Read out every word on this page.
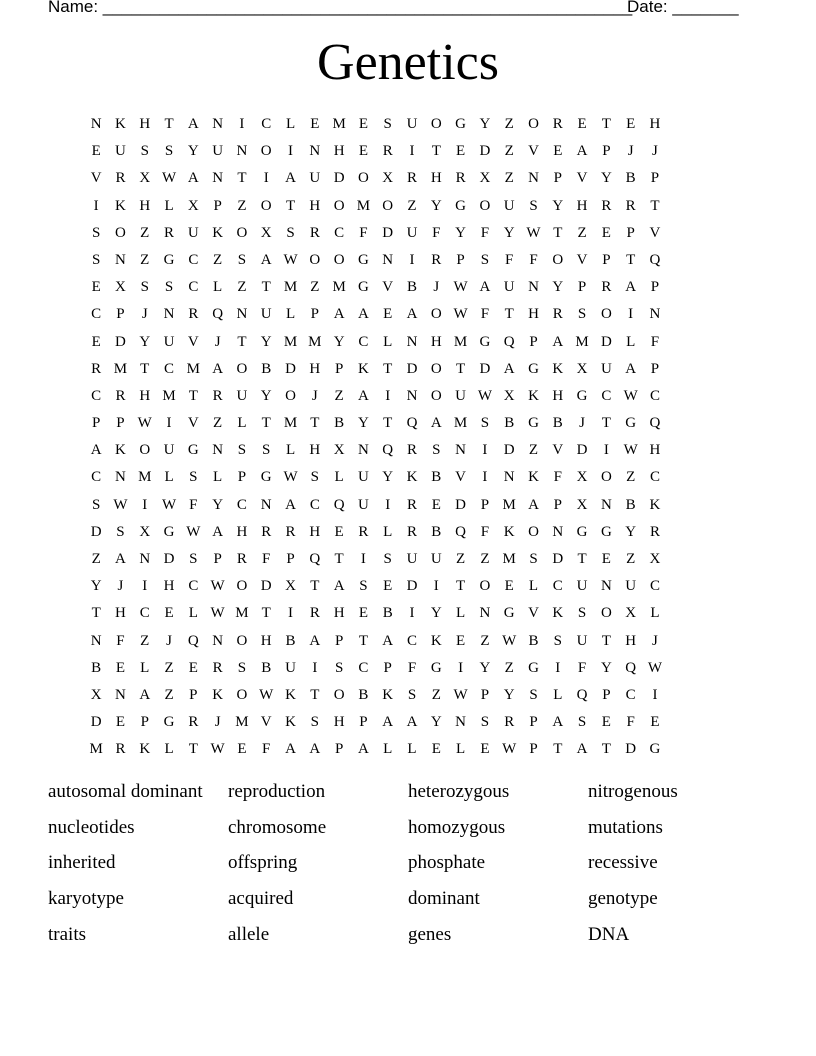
Name: ________________________________________________________
Date: _______
Genetics
N K H T A N	I	C L	E M E	S U O G Y Z O R E	T	E H
E U S	S Y U N O	I	N H E R	I	T	E D Z V E A P	J	J
V R X W A N T	I	A U D O X R H R X Z N P V Y B	P
I	K H L X P	Z O T H O M O Z Y G O U S Y H R R T
S O Z R U K O X S	R C	F D U F Y F Y W T	Z	E	P V
S N Z G C Z	S A W O O G N	I	R	P	S	F	F O V P	T Q
E X S	S	C L	Z	T M Z M G V B	J W A U N Y P	R A P
C	P	J	N R Q N U L	P A A E A O W F	T H R	S O	I	N
E D Y U V	J	T Y M M Y C L N H M G Q P A M D L	F
R M T C M A O B D H P K T D O T D A G K X U A P
C R H M T R U Y O	J	Z A	I	N O U W X K H G C W C
P	P W I	V Z	L	T M T B Y T Q A M S	B G B	J	T G Q
A K O U G N S	S	L H X N Q R	S N	I	D Z V D	I W H
C N M L	S	L	P G W S	L U Y K B V	I	N K F X O Z C
S W I W F Y C N A C Q U	I	R E D P M A P X N B K
D S X G W A H R R H E R L R B Q F K O N G G Y R
Z A N D S	P	R	F	P Q T	I	S U U Z	Z M S D T	E	Z X
Y	J	I	H C W O D X T A S	E D	I	T O E	L C U N U C
T H C E	L W M T	I	R H E B	I	Y L N G V K S O X L
N F	Z	J	Q N O H B A P	T A C K E	Z W B	S U T H	J
B E	L	Z	E R	S	B U	I	S	C	P	F G	I	Y Z G	I	F Y Q W
X N A Z	P K O W K T O B K S	Z W P Y S	L Q P	C	I
D E	P G R	J M V K S H P A A Y N S	R	P A S	E	F	E
M R K L	T W E	F A A P A L	L	E	L	E W P	T A T D G
autosomal dominant	reproduction	heterozygous	nitrogenous
nucleotides	chromosome	homozygous	mutations
inherited	offspring	phosphate	recessive
karyotype	acquired	dominant	genotype
traits	allele	genes	DNA
